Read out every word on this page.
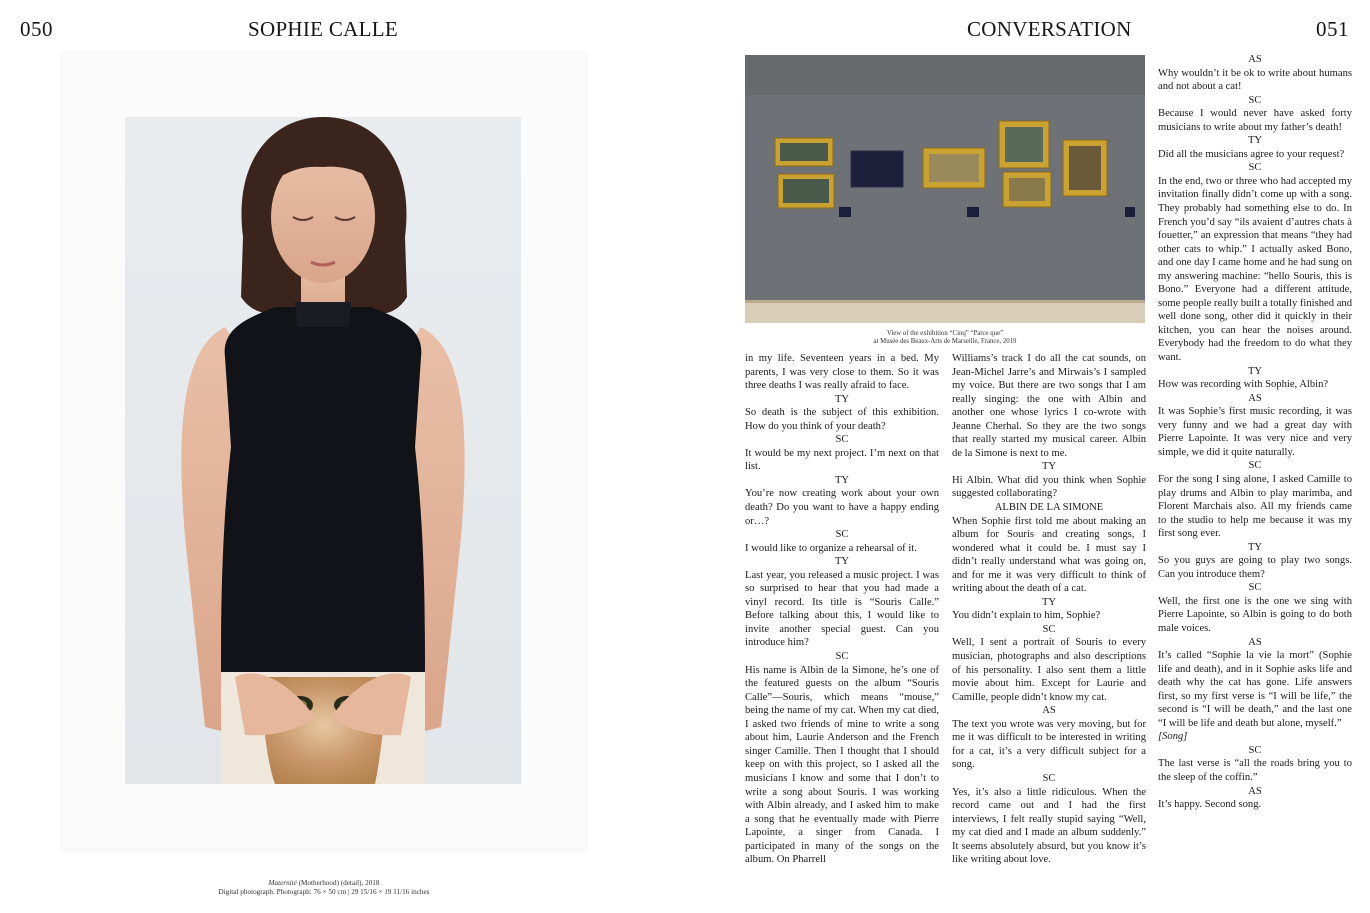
050	SOPHIE CALLE
Maternité (Motherhood) (detail), 2018
Digital photograph. Photograph: 76 × 50 cm | 29 15/16 × 19 11/16 inches
CONVERSATION	051
View of the exhibition “Cinq” “Parce que”
at Musée des Beaux-Arts de Marseille, France, 2019

in my life. Seventeen years in a bed. My parents, I was very close to them. So it was three deaths I was really afraid to face.

TY

So death is the subject of this exhibition. How do you think of your death?

SC

It would be my next project. I’m next on that list.

TY

You’re now creating work about your own death? Do you want to have a happy ending or…?

SC

I would like to organize a rehearsal of it.

TY

Last year, you released a music project. I was so surprised to hear that you had made a vinyl record. Its title is “Souris Calle.” Before talking about this, I would like to invite another special guest. Can you introduce him?

SC

His name is Albin de la Simone, he’s one of the featured guests on the album “Souris Calle”—Souris, which means “mouse,” being the name of my cat. When my cat died, I asked two friends of mine to write a song about him, Laurie Anderson and the French singer Camille. Then I thought that I should keep on with this project, so I asked all the musicians I know and some that I don’t to write a song about Souris. I was working with Albin already, and I asked him to make a song that he eventually made with Pierre Lapointe, a singer from Canada. I participated in many of the songs on the album. On Pharrell

Williams’s track I do all the cat sounds, on Jean-Michel Jarre’s and Mirwais’s I sampled my voice. But there are two songs that I am really singing: the one with Albin and another one whose lyrics I co-wrote with Jeanne Cherhal. So they are the two songs that really started my musical career. Albin de la Simone is next to me.

TY

Hi Albin. What did you think when Sophie suggested collaborating?

ALBIN DE LA SIMONE

When Sophie first told me about making an album for Souris and creating songs, I wondered what it could be. I must say I didn’t really understand what was going on, and for me it was very difficult to think of writing about the death of a cat.

TY

You didn’t explain to him, Sophie?

SC

Well, I sent a portrait of Souris to every musician, photographs and also descriptions of his personality. I also sent them a little movie about him. Except for Laurie and Camille, people didn’t know my cat.

AS

The text you wrote was very moving, but for me it was difficult to be interested in writing for a cat, it’s a very difficult subject for a song.

SC

Yes, it’s also a little ridiculous. When the record came out and I had the first interviews, I felt really stupid saying “Well, my cat died and I made an album suddenly.” It seems absolutely absurd, but you know it’s like writing about love.

AS

Why wouldn’t it be ok to write about humans and not about a cat!

SC

Because I would never have asked forty musicians to write about my father’s death!

TY

Did all the musicians agree to your request?

SC

In the end, two or three who had accepted my invitation finally didn’t come up with a song. They probably had something else to do. In French you’d say “ils avaient d’autres chats à fouetter,” an expression that means “they had other cats to whip.” I actually asked Bono, and one day I came home and he had sung on my answering machine: “hello Souris, this is Bono.” Everyone had a different attitude, some people really built a totally finished and well done song, other did it quickly in their kitchen, you can hear the noises around. Everybody had the freedom to do what they want.

TY

How was recording with Sophie, Albin?

AS

It was Sophie’s first music recording, it was very funny and we had a great day with Pierre Lapointe. It was very nice and very simple, we did it quite naturally.

SC

For the song I sing alone, I asked Camille to play drums and Albin to play marimba, and Florent Marchais also. All my friends came to the studio to help me because it was my first song ever.

TY

So you guys are going to play two songs. Can you introduce them?

SC

Well, the first one is the one we sing with Pierre Lapointe, so Albin is going to do both male voices.

AS

It’s called “Sophie la vie la mort” (Sophie life and death), and in it Sophie asks life and death why the cat has gone. Life answers first, so my first verse is “I will be life,” the second is “I will be death,” and the last one “I will be life and death but alone, myself.”

[Song]

SC

The last verse is “all the roads bring you to the sleep of the coffin.”

AS

It’s happy. Second song.
